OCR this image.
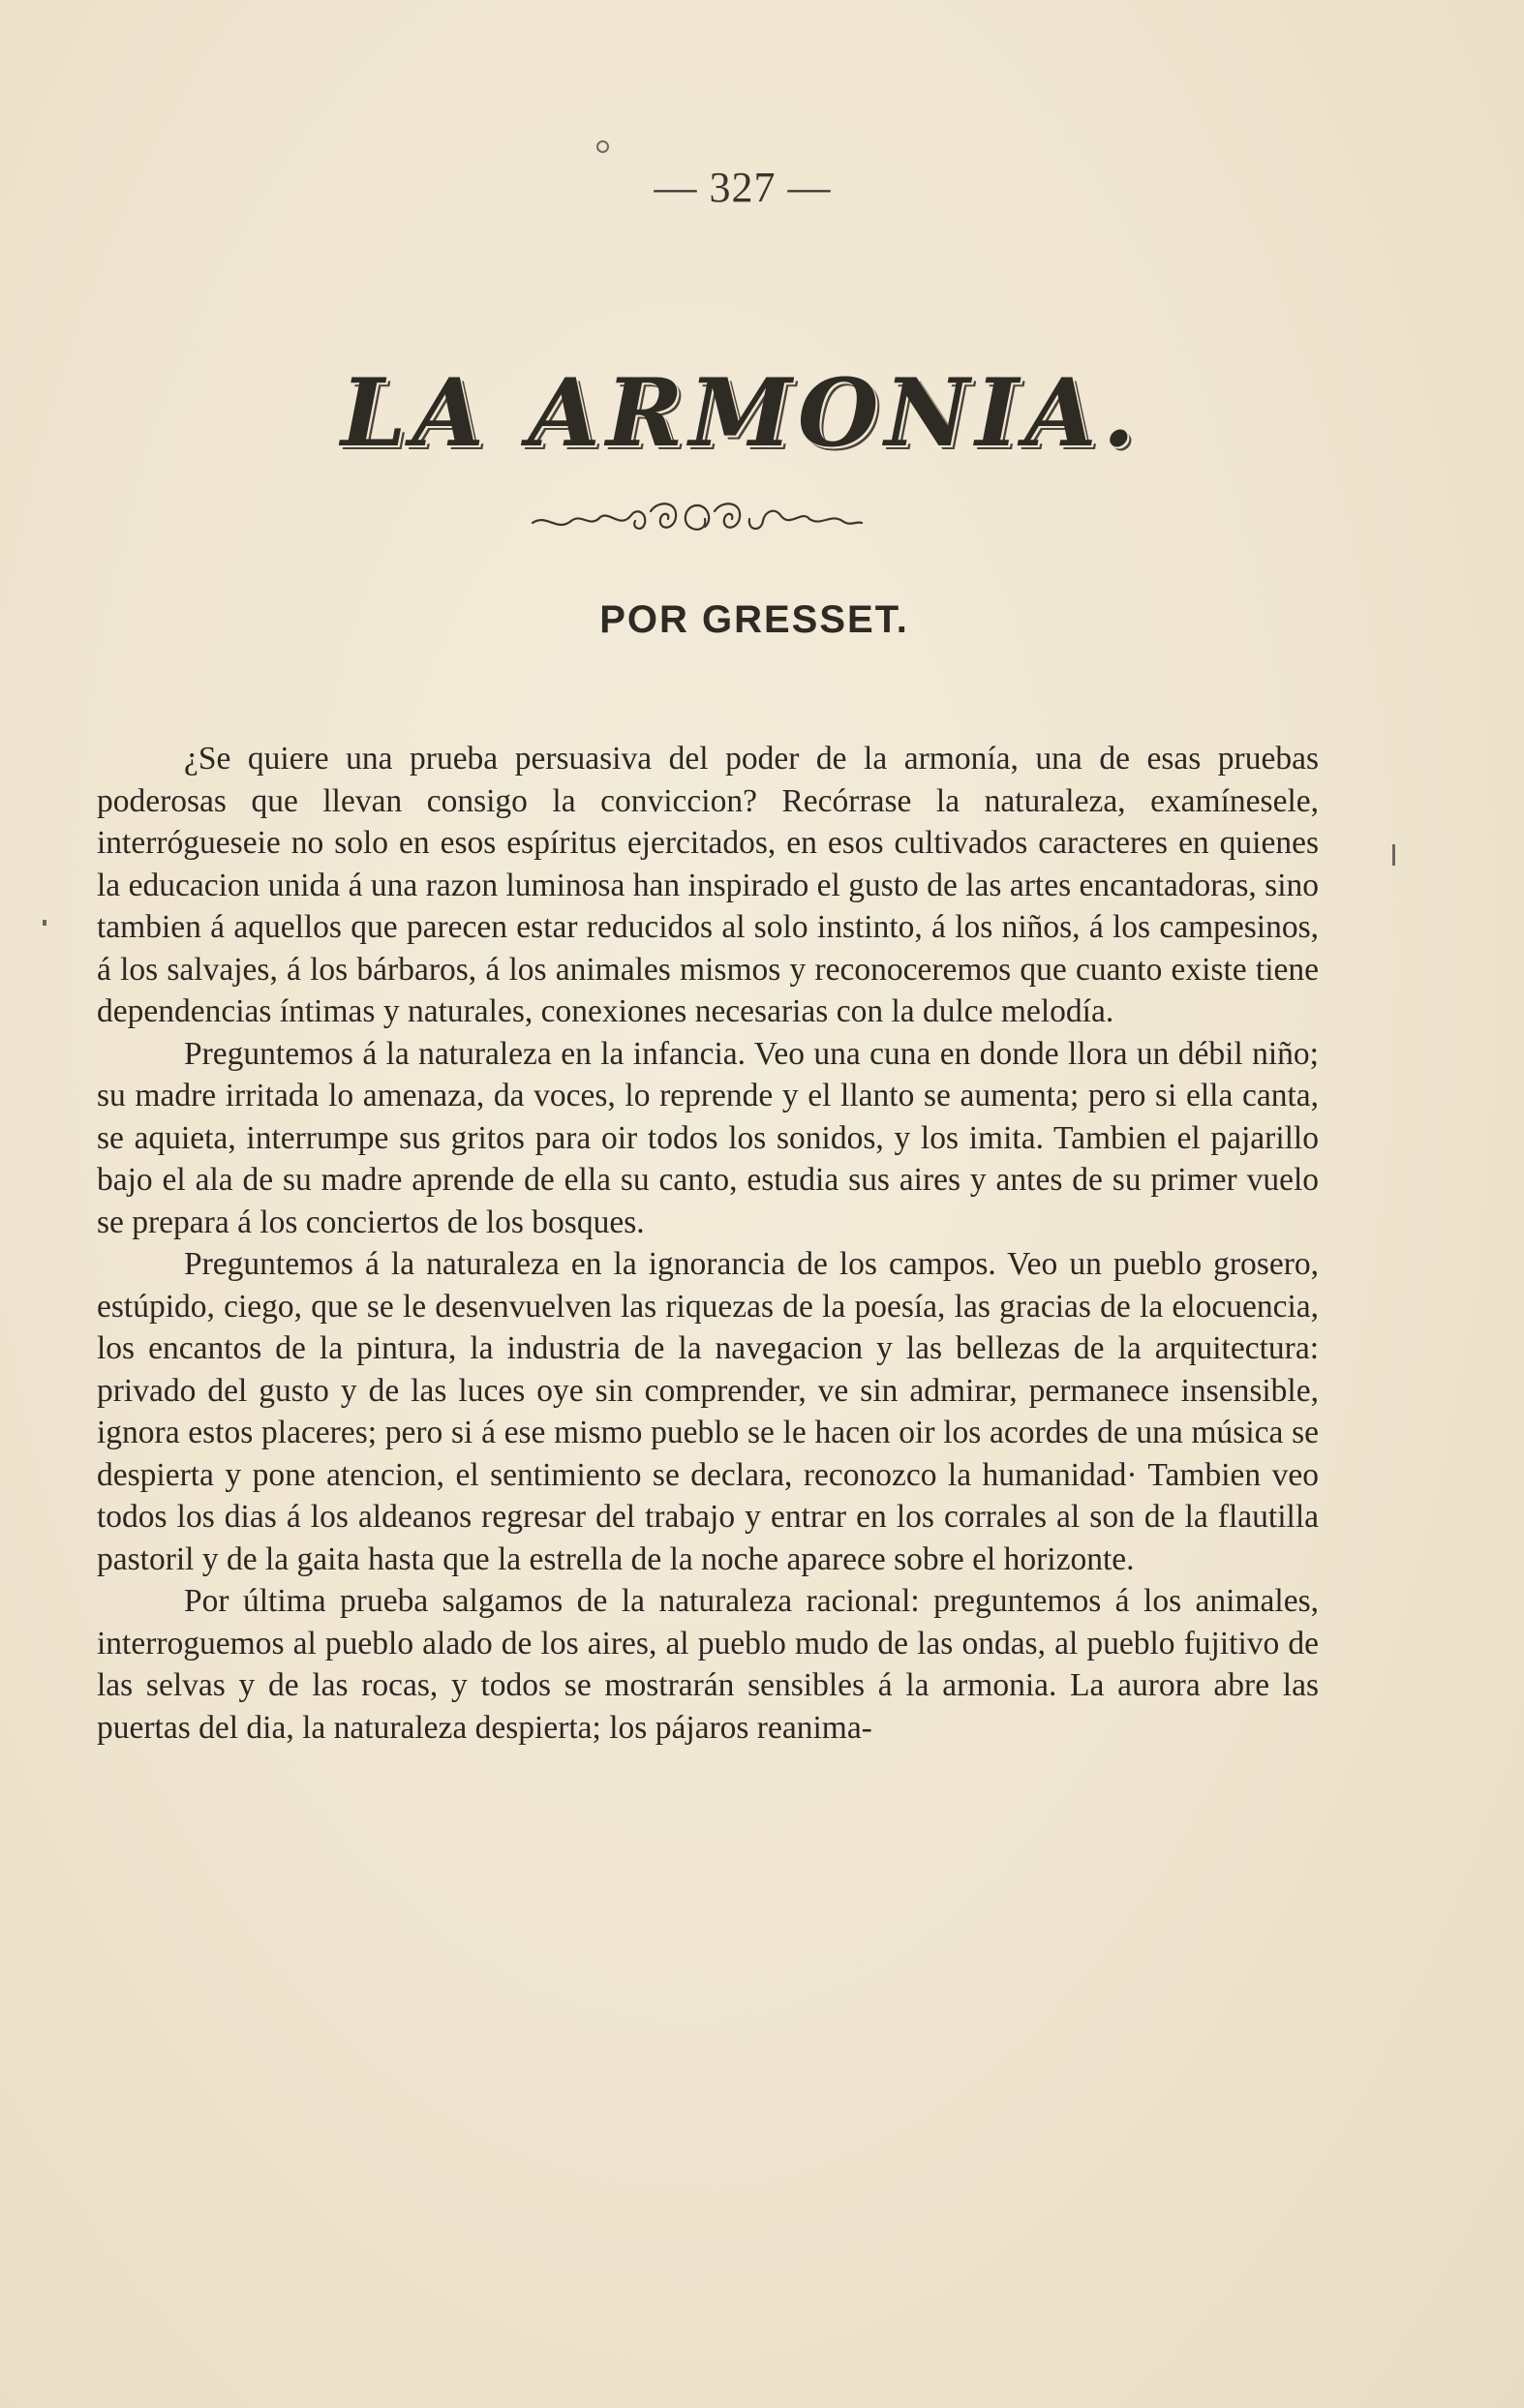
— 327 —
LA ARMONIA.
POR GRESSET.

¿Se quiere una prueba persuasiva del poder de la armonía, una de esas pruebas poderosas que llevan consigo la conviccion? Recórrase la naturaleza, examínesele, interrógueseie no solo en esos espíritus ejercitados, en esos cultivados caracteres en quienes la educacion unida á una razon luminosa han inspirado el gusto de las artes encantadoras, sino tambien á aquellos que parecen estar reducidos al solo instinto, á los niños, á los campesinos, á los salvajes, á los bárbaros, á los animales mismos y reconoceremos que cuanto existe tiene dependencias íntimas y naturales, conexiones necesarias con la dulce melodía.

Preguntemos á la naturaleza en la infancia. Veo una cuna en donde llora un débil niño; su madre irritada lo amenaza, da voces, lo reprende y el llanto se aumenta; pero si ella canta, se aquieta, interrumpe sus gritos para oir todos los sonidos, y los imita. Tambien el pajarillo bajo el ala de su madre aprende de ella su canto, estudia sus aires y antes de su primer vuelo se prepara á los conciertos de los bosques.

Preguntemos á la naturaleza en la ignorancia de los campos. Veo un pueblo grosero, estúpido, ciego, que se le desenvuelven las riquezas de la poesía, las gracias de la elocuencia, los encantos de la pintura, la industria de la navegacion y las bellezas de la arquitectura: privado del gusto y de las luces oye sin comprender, ve sin admirar, permanece insensible, ignora estos placeres; pero si á ese mismo pueblo se le hacen oir los acordes de una música se despierta y pone atencion, el sentimiento se declara, reconozco la humanidad· Tambien veo todos los dias á los aldeanos regresar del trabajo y entrar en los corrales al son de la flautilla pastoril y de la gaita hasta que la estrella de la noche aparece sobre el horizonte.

Por última prueba salgamos de la naturaleza racional: preguntemos á los animales, interroguemos al pueblo alado de los aires, al pueblo mudo de las ondas, al pueblo fujitivo de las selvas y de las rocas, y todos se mostrarán sensibles á la armonia. La aurora abre las puertas del dia, la naturaleza despierta; los pájaros reanima-
